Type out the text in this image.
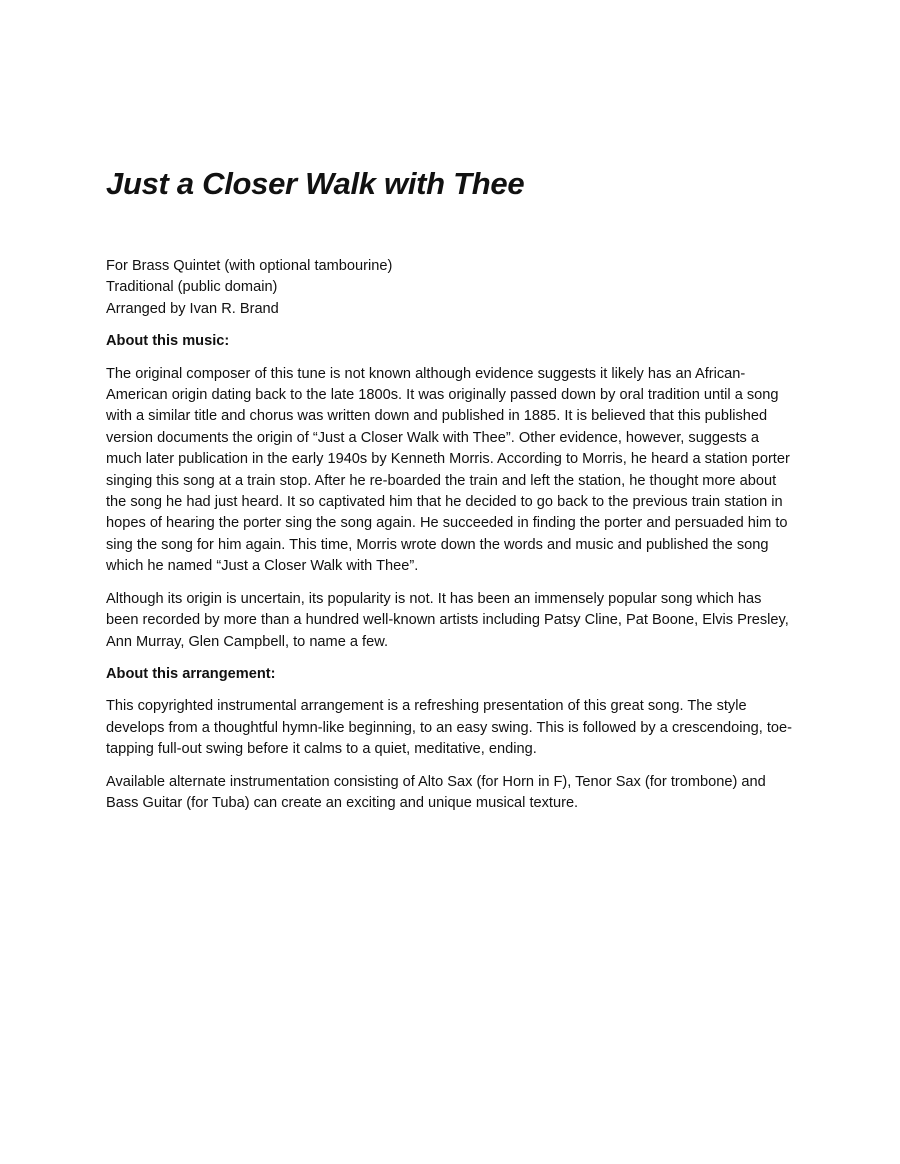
Just a Closer Walk with Thee

For Brass Quintet (with optional tambourine)

Traditional (public domain)

Arranged by Ivan R. Brand

About this music:

The original composer of this tune is not known although evidence suggests it likely has an African-American origin dating back to the late 1800s. It was originally passed down by oral tradition until a song with a similar title and chorus was written down and published in 1885. It is believed that this published version documents the origin of “Just a Closer Walk with Thee”. Other evidence, however, suggests a much later publication in the early 1940s by Kenneth Morris. According to Morris, he heard a station porter singing this song at a train stop. After he re-boarded the train and left the station, he thought more about the song he had just heard. It so captivated him that he decided to go back to the previous train station in hopes of hearing the porter sing the song again. He succeeded in finding the porter and persuaded him to sing the song for him again. This time, Morris wrote down the words and music and published the song which he named “Just a Closer Walk with Thee”.

Although its origin is uncertain, its popularity is not. It has been an immensely popular song which has been recorded by more than a hundred well-known artists including Patsy Cline, Pat Boone, Elvis Presley, Ann Murray, Glen Campbell, to name a few.

About this arrangement:

This copyrighted instrumental arrangement is a refreshing presentation of this great song. The style develops from a thoughtful hymn-like beginning, to an easy swing. This is followed by a crescendoing, toe-tapping full-out swing before it calms to a quiet, meditative, ending.

Available alternate instrumentation consisting of Alto Sax (for Horn in F), Tenor Sax (for trombone) and Bass Guitar (for Tuba) can create an exciting and unique musical texture.
